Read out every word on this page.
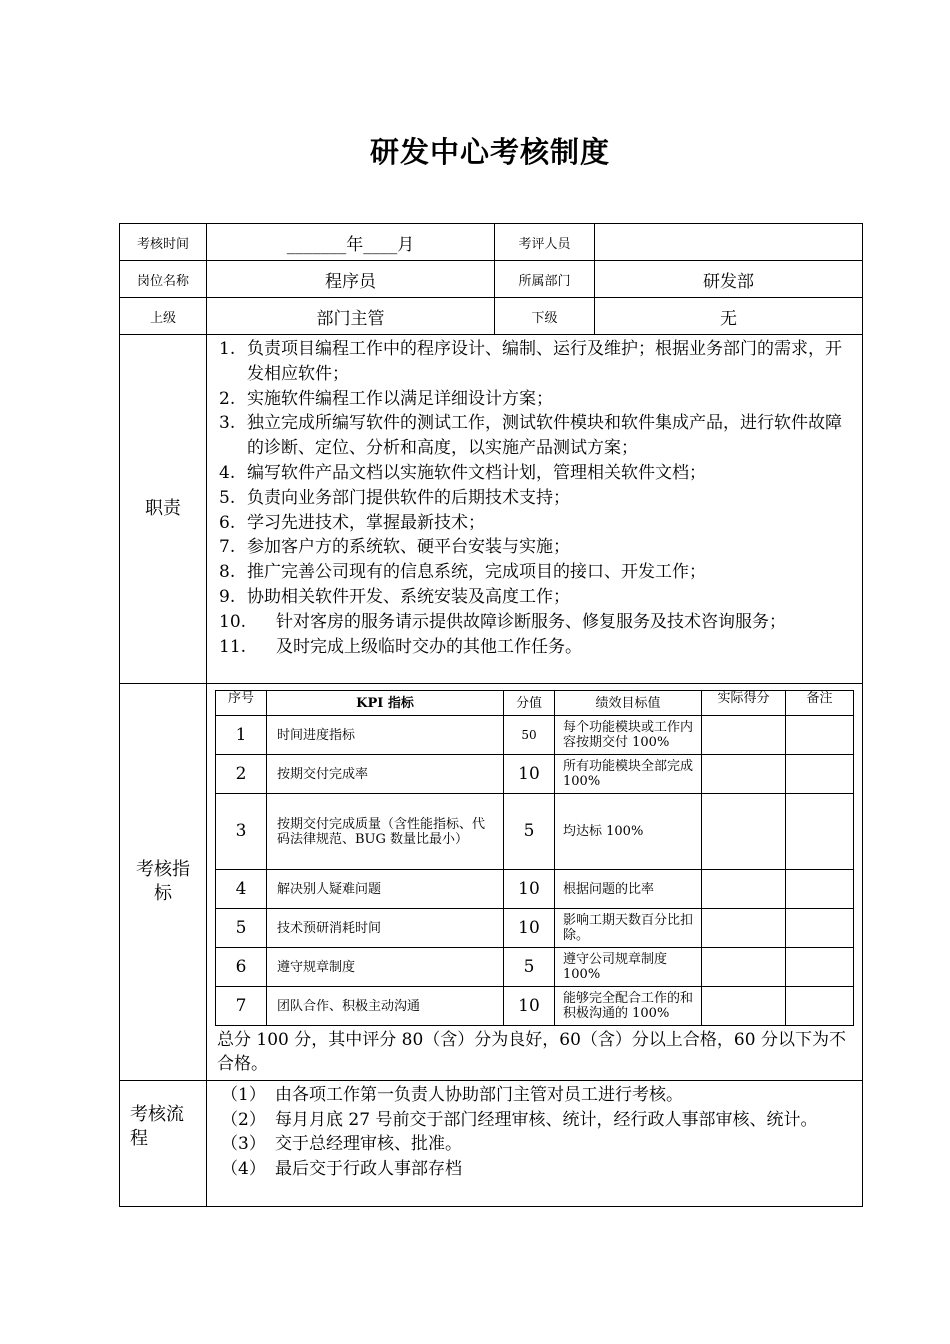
研发中心考核制度
考核时间	_______年____月	考评人员	
岗位名称	程序员	所属部门	研发部
上级	部门主管	下级	无
职责	
1. 负责项目编程工作中的程序设计、编制、运行及维护；根据业务部门的需求，开发相应软件；
2. 实施软件编程工作以满足详细设计方案；
3. 独立完成所编写软件的测试工作，测试软件模块和软件集成产品，进行软件故障的诊断、定位、分析和高度，以实施产品测试方案；
4. 编写软件产品文档以实施软件文档计划，管理相关软件文档；
5. 负责向业务部门提供软件的后期技术支持；
6. 学习先进技术，掌握最新技术；
7. 参加客户方的系统软、硬平台安装与实施；
8. 推广完善公司现有的信息系统，完成项目的接口、开发工作；
9. 协助相关软件开发、系统安装及高度工作；
10.	针对客房的服务请示提供故障诊断服务、修复服务及技术咨询服务；
11.	及时完成上级临时交办的其他工作任务。

考核指
标	
序号	KPI 指标	分值	绩效目标值	实际得分	备注
1	时间进度指标	50	每个功能模块或工作内容按期交付 100%		
2	按期交付完成率	10	所有功能模块全部完成 100%		
3	按期交付完成质量（含性能指标、代码法律规范、BUG 数量比最小）	5	均达标 100%		
4	解决别人疑难问题	10	根据问题的比率		
5	技术预研消耗时间	10	影响工期天数百分比扣除。		
6	遵守规章制度	5	遵守公司规章制度 100%		
7	团队合作、积极主动沟通	10	能够完全配合工作的和积极沟通的 100%		
总分 100 分，其中评分 80（含）分为良好，60（含）分以上合格，60 分以下为不合格。

考核流
程	
（1） 由各项工作第一负责人协助部门主管对员工进行考核。
（2） 每月月底 27 号前交于部门经理审核、统计，经行政人事部审核、统计。
（3） 交于总经理审核、批准。
（4） 最后交于行政人事部存档
